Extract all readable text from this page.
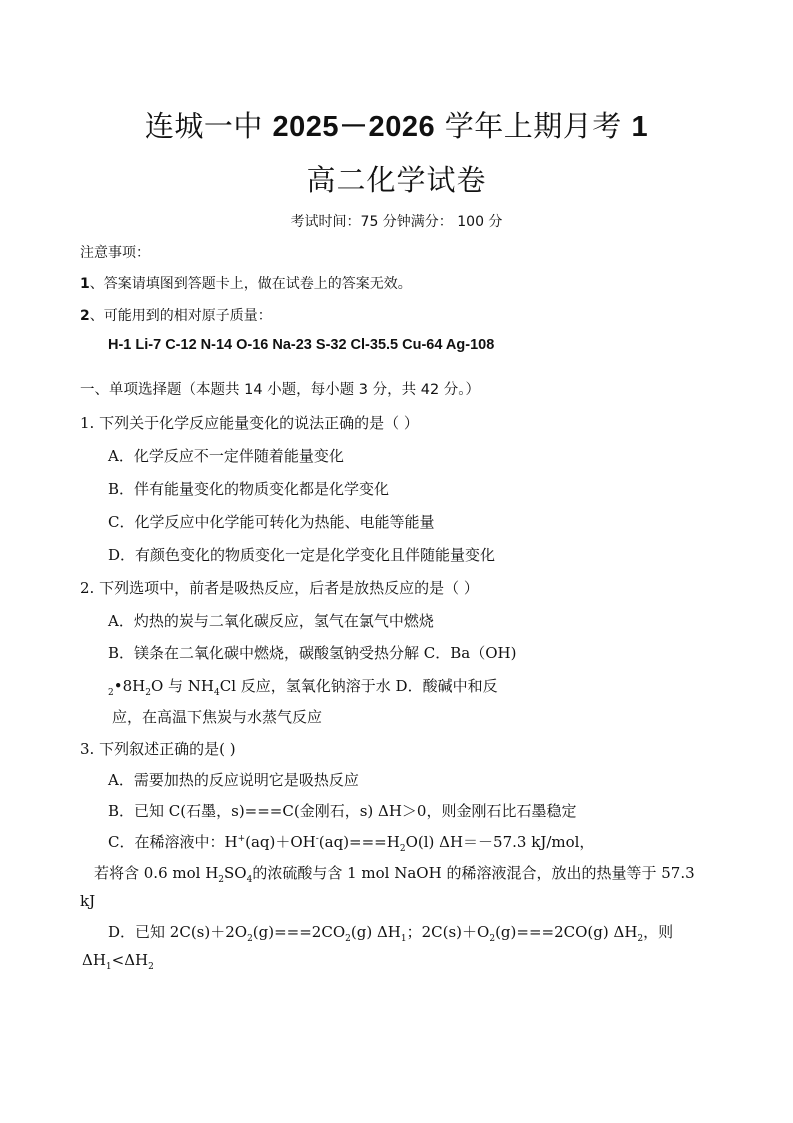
连城一中 2025－2026 学年上期月考 1
高二化学试卷
考试时间：75 分钟满分： 100 分
注意事项：
1、答案请填图到答题卡上，做在试卷上的答案无效。
2、可能用到的相对原子质量：
H-1 Li-7 C-12 N-14 O-16 Na-23 S-32 Cl-35.5 Cu-64 Ag-108
一、单项选择题（本题共 14 小题，每小题 3 分，共 42 分。）
1. 下列关于化学反应能量变化的说法正确的是（ ）
A．化学反应不一定伴随着能量变化
B．伴有能量变化的物质变化都是化学变化
C．化学反应中化学能可转化为热能、电能等能量
D．有颜色变化的物质变化一定是化学变化且伴随能量变化
2. 下列选项中，前者是吸热反应，后者是放热反应的是（ ）
A．灼热的炭与二氧化碳反应，氢气在氯气中燃烧
B．镁条在二氧化碳中燃烧，碳酸氢钠受热分解 C．Ba（OH)
$_2•8H_2O$ 与 $NH_4Cl$ 反应，氢氧化钠溶于水 D．酸碱中和反
应，在高温下焦炭与水蒸气反应
3. 下列叙述正确的是( )
A．需要加热的反应说明它是吸热反应
B．已知 C(石墨，s)===C(金刚石，s) ΔH＞0，则金刚石比石墨稳定
C．在稀溶液中：$H^+(aq)+OH^-(aq)===H_2O(l)$ ΔH＝－57.3 kJ/mol，
若将含 0.6 mol $H_2SO_4$的浓硫酸与含 1 mol NaOH 的稀溶液混合，放出的热量等于 57.3
kJ
D．已知 $2C(s)+2O_2(g)===2CO_2(g)$ $\Delta H_1$；$2C(s)+O_2(g)===2CO(g)$ $\Delta H_2$，则
$\Delta H_1<\Delta H_2$
